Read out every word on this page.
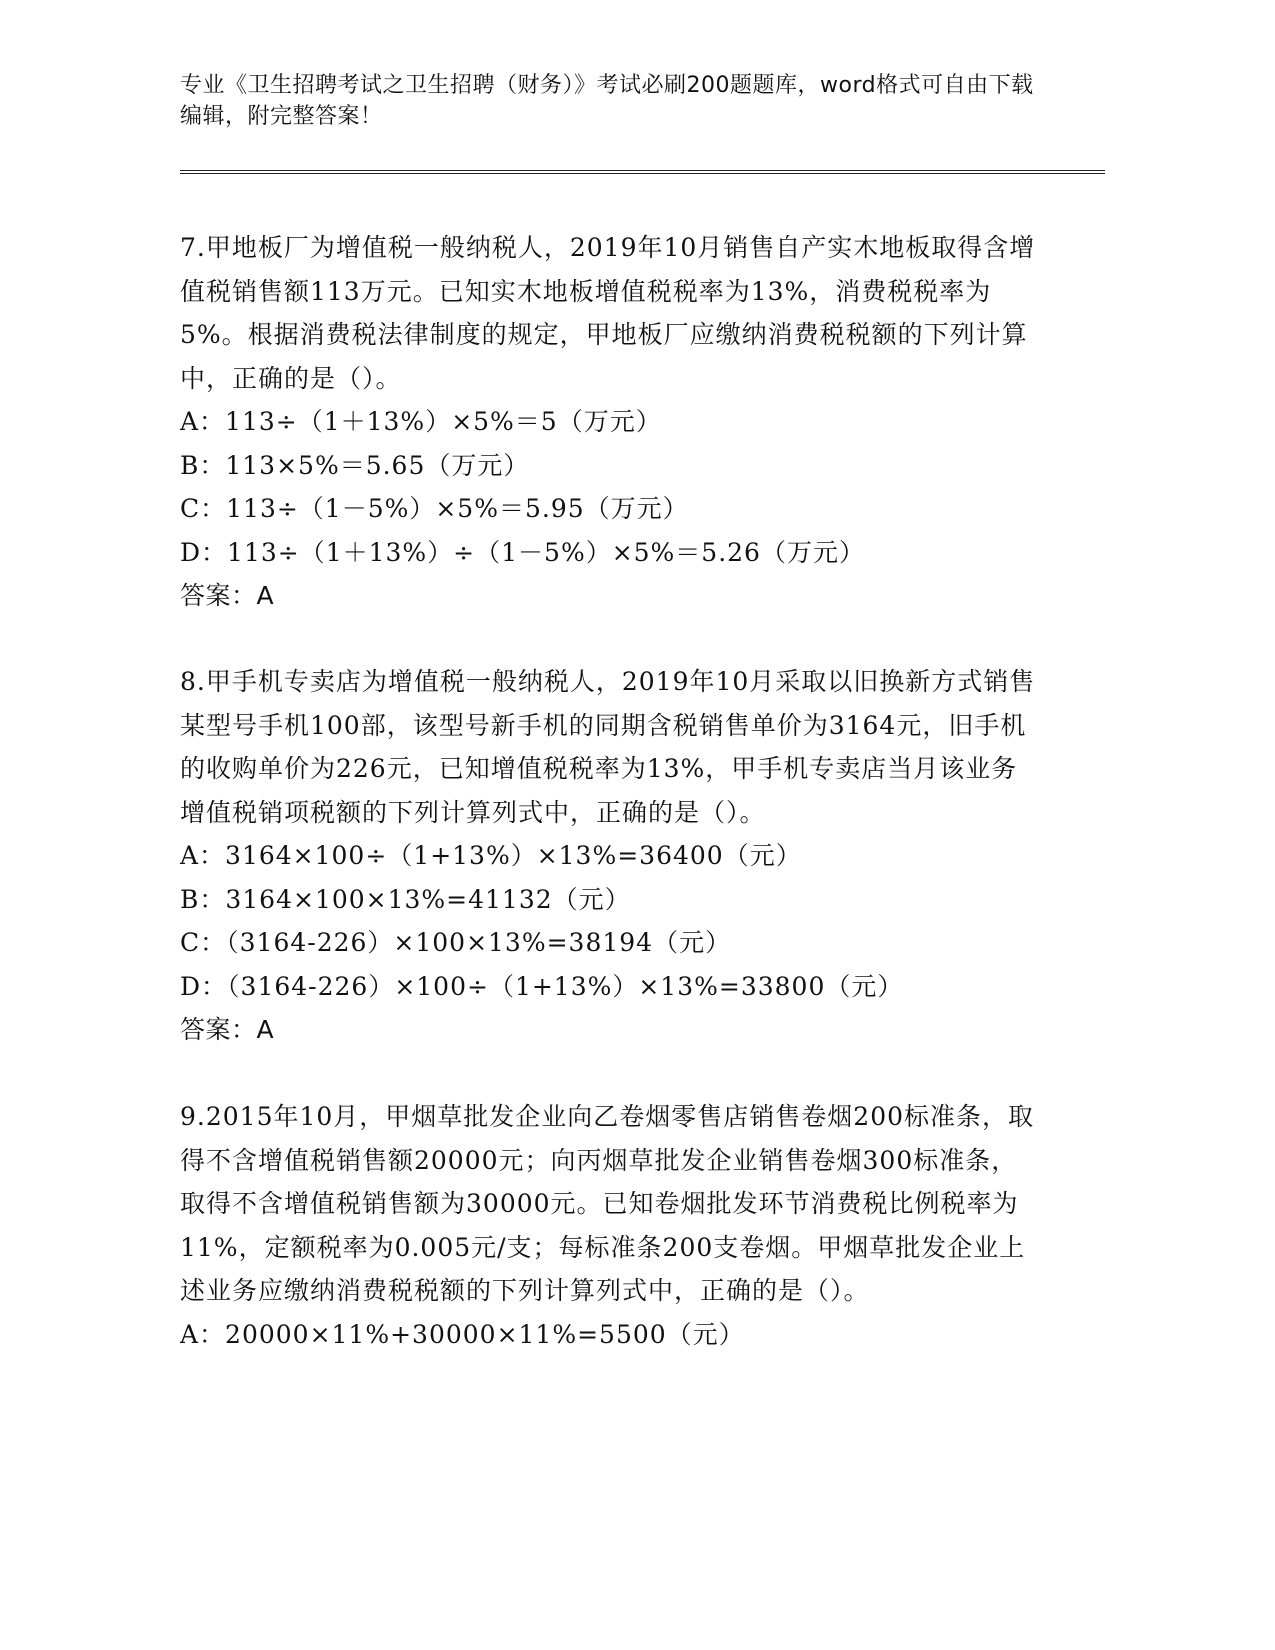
专业《卫生招聘考试之卫生招聘（财务）》考试必刷200题题库，word格式可自由下载编辑，附完整答案！

7.甲地板厂为增值税一般纳税人，2019年10月销售自产实木地板取得含增值税销售额113万元。已知实木地板增值税税率为13%，消费税税率为5%。根据消费税法律制度的规定，甲地板厂应缴纳消费税税额的下列计算中，正确的是（）。

A：113÷（1＋13%）×5%＝5（万元）

B：113×5%＝5.65（万元）

C：113÷（1－5%）×5%＝5.95（万元）

D：113÷（1＋13%）÷（1－5%）×5%＝5.26（万元）

答案：A

8.甲手机专卖店为增值税一般纳税人，2019年10月采取以旧换新方式销售某型号手机100部，该型号新手机的同期含税销售单价为3164元，旧手机的收购单价为226元，已知增值税税率为13%，甲手机专卖店当月该业务增值税销项税额的下列计算列式中，正确的是（）。

A：3164×100÷（1+13%）×13%=36400（元）

B：3164×100×13%=41132（元）

C：（3164-226）×100×13%=38194（元）

D：（3164-226）×100÷（1+13%）×13%=33800（元）

答案：A

9.2015年10月，甲烟草批发企业向乙卷烟零售店销售卷烟200标准条，取得不含增值税销售额20000元；向丙烟草批发企业销售卷烟300标准条，取得不含增值税销售额为30000元。已知卷烟批发环节消费税比例税率为11%，定额税率为0.005元/支；每标准条200支卷烟。甲烟草批发企业上述业务应缴纳消费税税额的下列计算列式中，正确的是（）。

A：20000×11%+30000×11%=5500（元）
